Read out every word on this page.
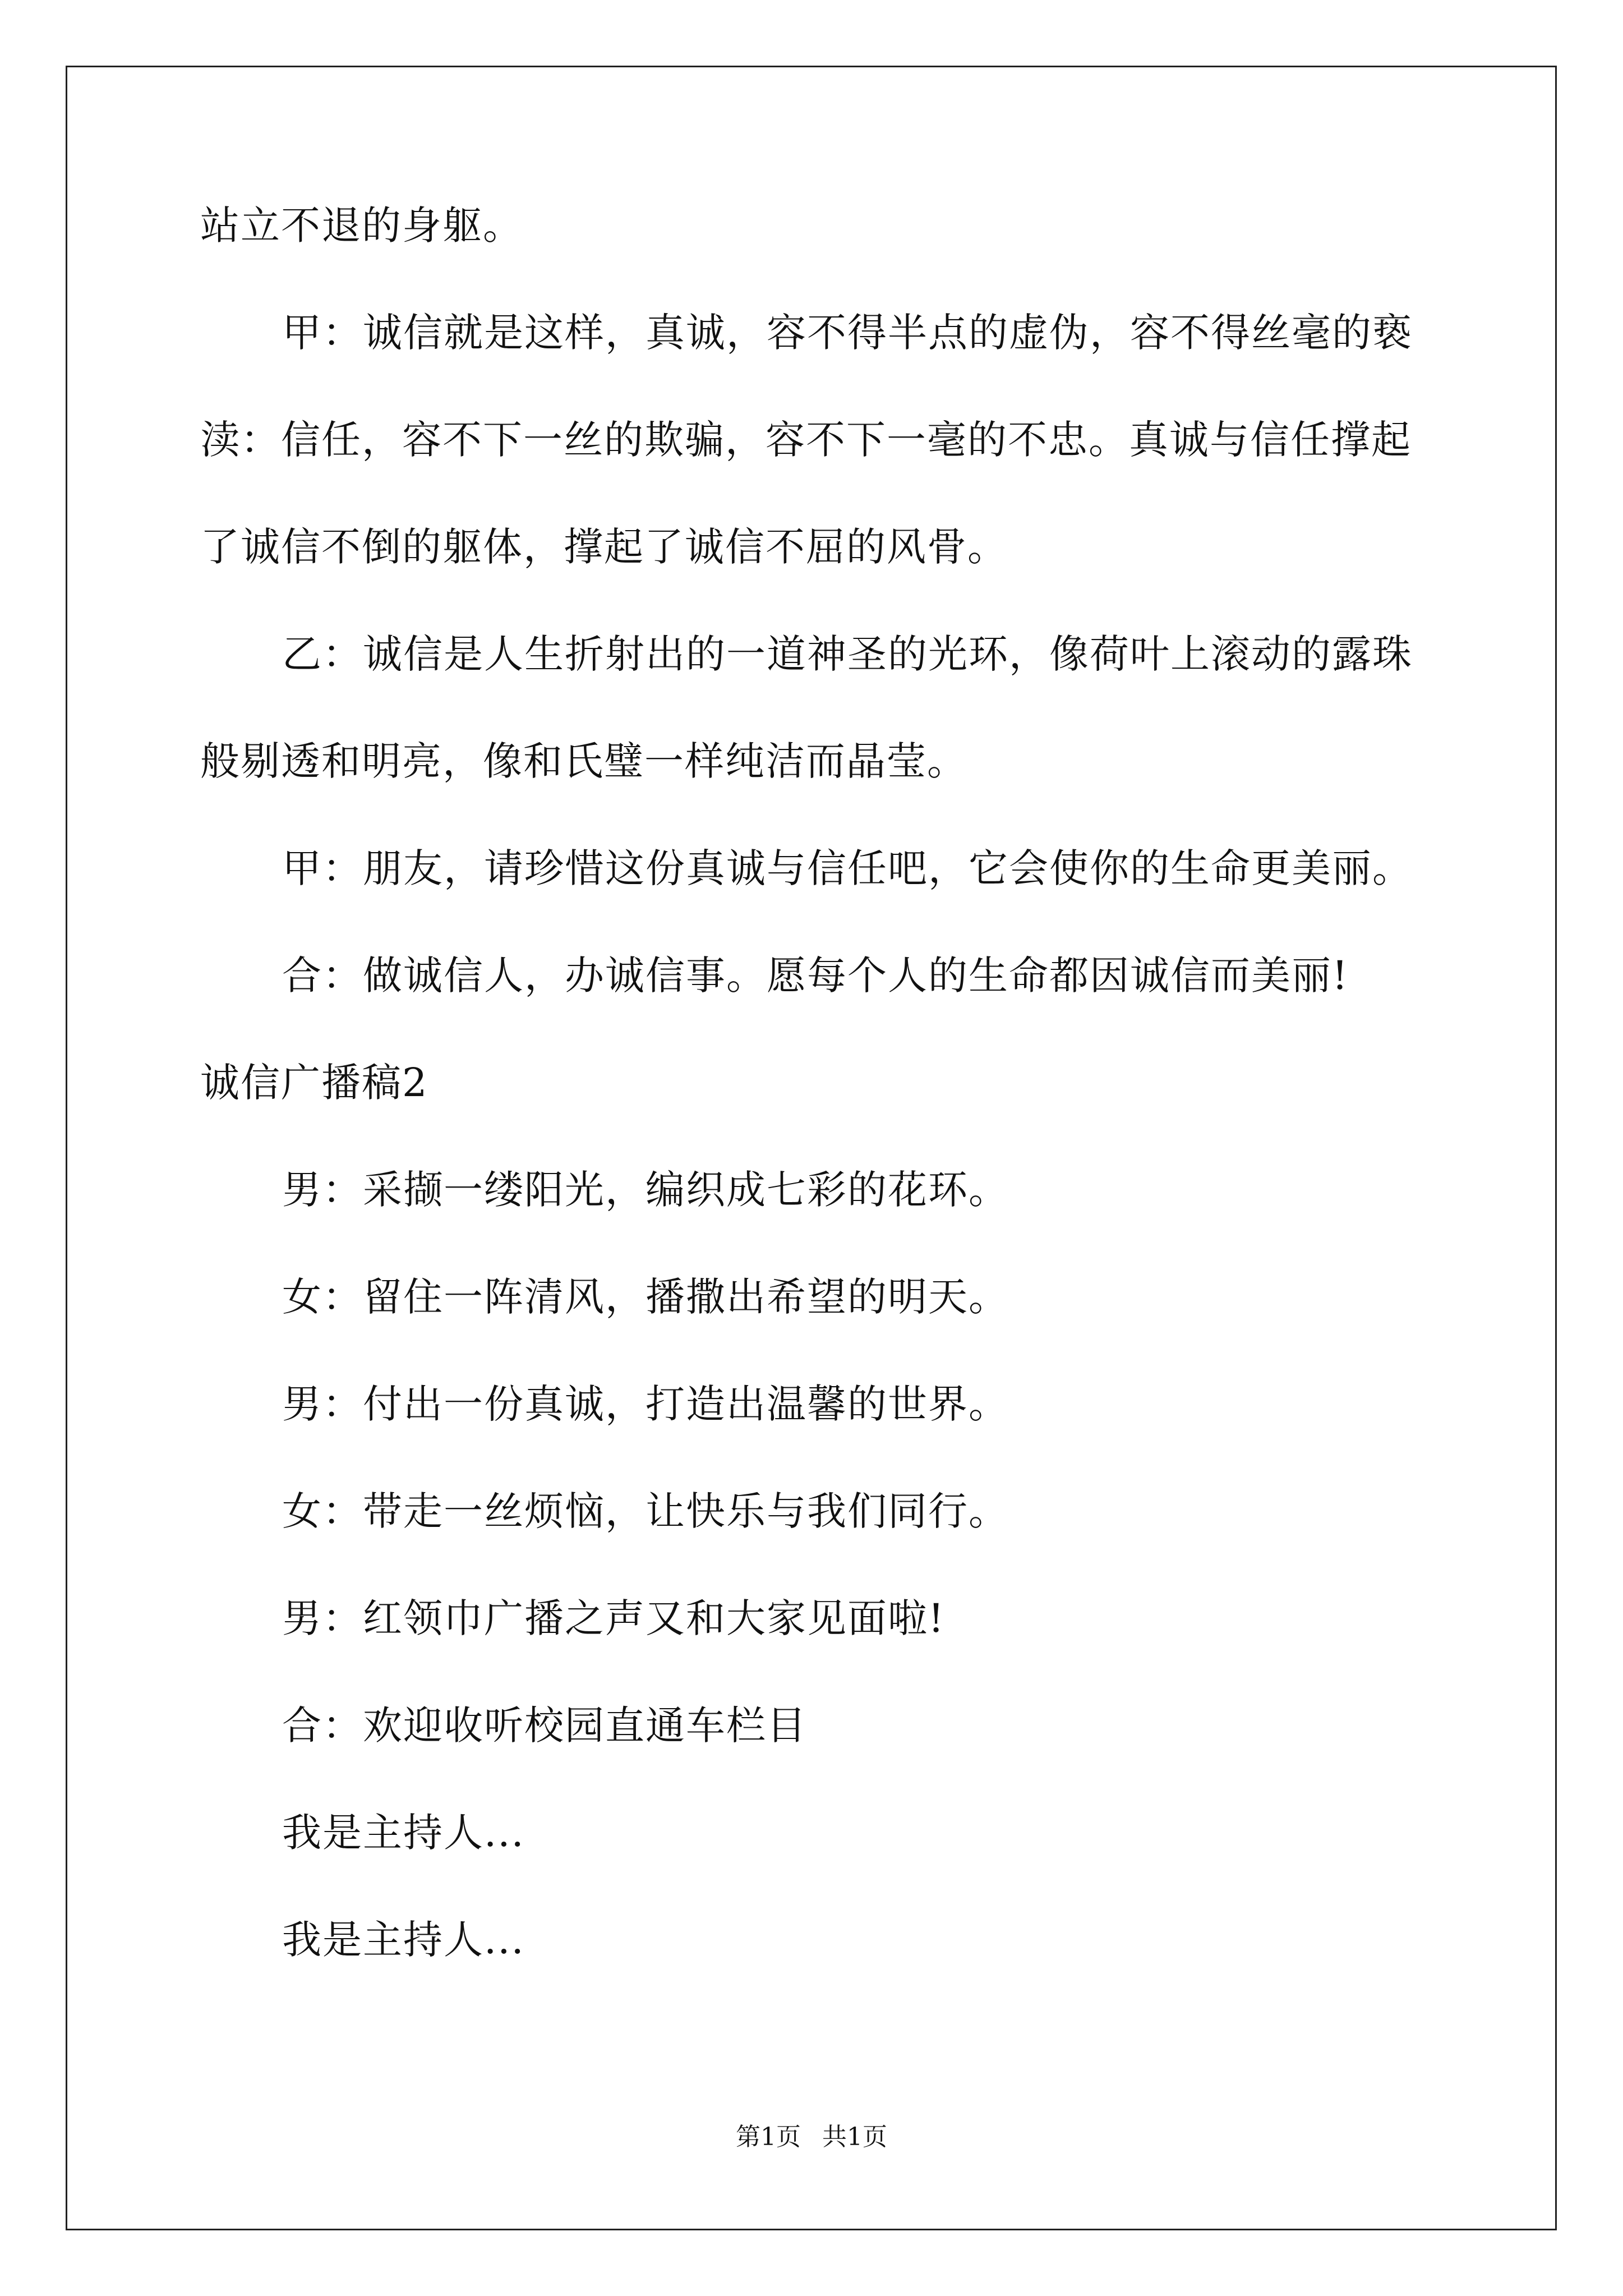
站立不退的身躯。
甲：诚信就是这样，真诚，容不得半点的虚伪，容不得丝毫的亵
渎：信任，容不下一丝的欺骗，容不下一毫的不忠。真诚与信任撑起
了诚信不倒的躯体，撑起了诚信不屈的风骨。
乙：诚信是人生折射出的一道神圣的光环，像荷叶上滚动的露珠
般剔透和明亮，像和氏璧一样纯洁而晶莹。
甲：朋友，请珍惜这份真诚与信任吧，它会使你的生命更美丽。
合：做诚信人，办诚信事。愿每个人的生命都因诚信而美丽!
诚信广播稿2
男：采撷一缕阳光，编织成七彩的花环。
女：留住一阵清风，播撒出希望的明天。
男：付出一份真诚，打造出温馨的世界。
女：带走一丝烦恼，让快乐与我们同行。
男：红领巾广播之声又和大家见面啦!
合：欢迎收听校园直通车栏目
我是主持人...
我是主持人...
第1页 共1页
